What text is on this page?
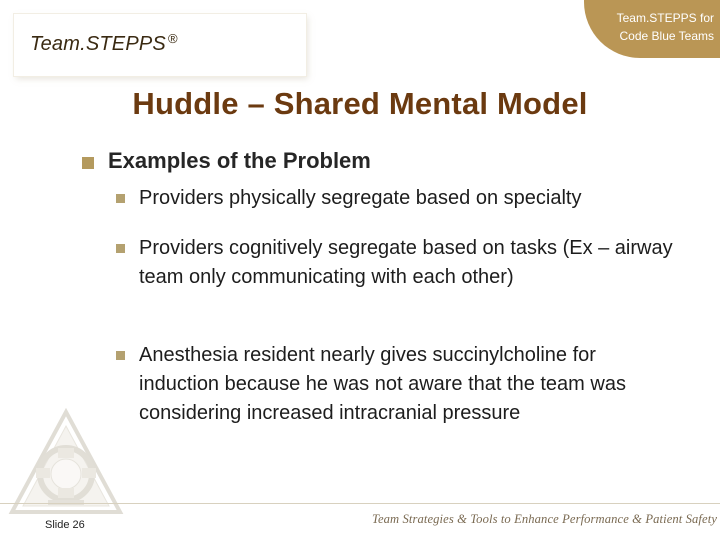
Team.STEPPS ®
Team.STEPPS for
Code Blue Teams
Huddle – Shared Mental Model
Examples of the Problem
Providers physically segregate based on specialty
Providers cognitively segregate based on tasks (Ex – airway team only communicating with each other)
Anesthesia resident nearly gives succinylcholine for induction because he was not aware that the team was considering increased intracranial pressure
Slide 26	Team Strategies & Tools to Enhance Performance & Patient Safety
